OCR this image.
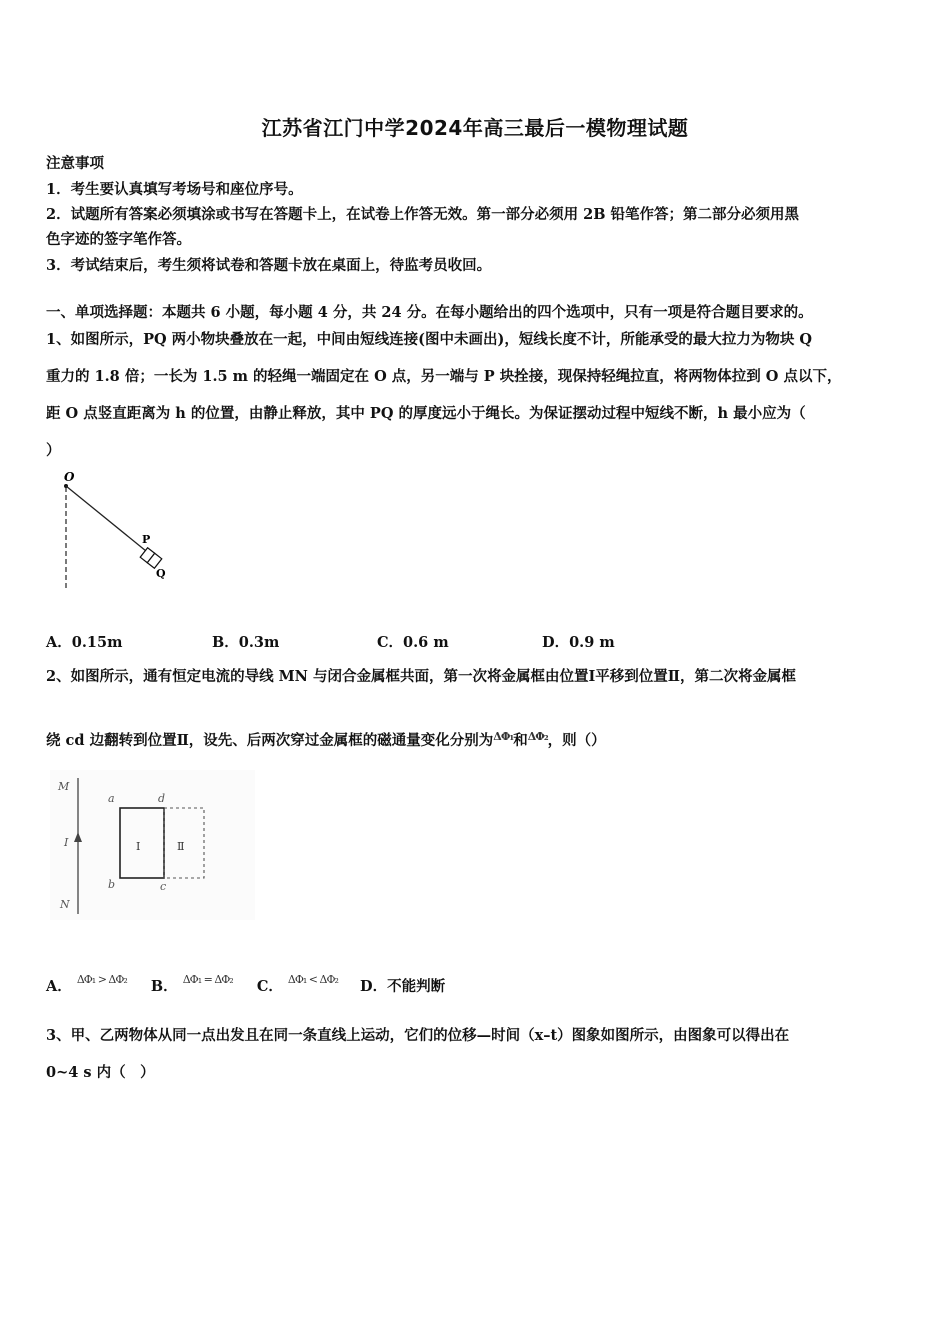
江苏省江门中学2024年高三最后一模物理试题
注意事项
1．考生要认真填写考场号和座位序号。
2．试题所有答案必须填涂或书写在答题卡上，在试卷上作答无效。第一部分必须用 2B 铅笔作答；第二部分必须用黑
色字迹的签字笔作答。
3．考试结束后，考生须将试卷和答题卡放在桌面上，待监考员收回。
一、单项选择题：本题共 6 小题，每小题 4 分，共 24 分。在每小题给出的四个选项中，只有一项是符合题目要求的。
1、如图所示，PQ 两小物块叠放在一起，中间由短线连接(图中未画出)，短线长度不计，所能承受的最大拉力为物块 Q
重力的 1.8 倍；一长为 1.5 m 的轻绳一端固定在 O 点，另一端与 P 块拴接，现保持轻绳拉直，将两物体拉到 O 点以下，
距 O 点竖直距离为 h 的位置，由静止释放，其中 PQ 的厚度远小于绳长。为保证摆动过程中短线不断，h 最小应为（
）
O
P
Q
A．0.15m	B．0.3m	C．0.6 m	D．0.9 m
2、如图所示，通有恒定电流的导线 MN 与闭合金属框共面，第一次将金属框由位置Ⅰ平移到位置Ⅱ，第二次将金属框
绕 cd 边翻转到位置Ⅱ，设先、后两次穿过金属框的磁通量变化分别为$^{\Delta\Phi_1}$和$^{\Delta\Phi_2}$，则（）
M
I
N
a	d
b	c
Ⅰ	Ⅱ
A． $^{\Delta\Phi_1 > \Delta\Phi_2}$ B． $^{\Delta\Phi_1 = \Delta\Phi_2}$ C． $^{\Delta\Phi_1 < \Delta\Phi_2}$ D．不能判断
3、甲、乙两物体从同一点出发且在同一条直线上运动，它们的位移—时间（x–t）图象如图所示，由图象可以得出在
0~4 s 内（　）
